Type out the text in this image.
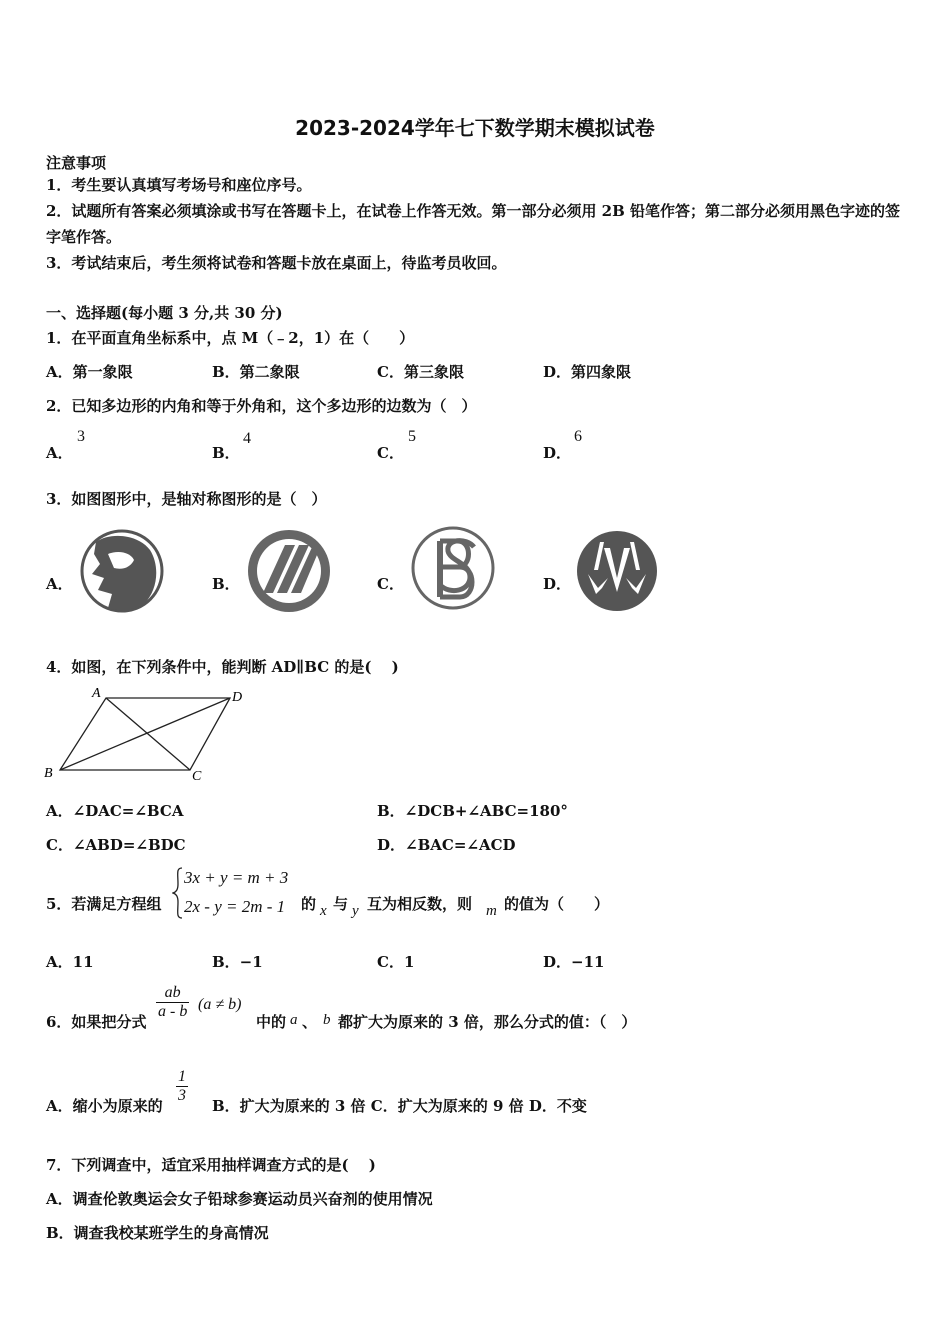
2023-2024学年七下数学期末模拟试卷
注意事项
1．考生要认真填写考场号和座位序号。
2．试题所有答案必须填涂或书写在答题卡上，在试卷上作答无效。第一部分必须用 2B 铅笔作答；第二部分必须用黑色字迹的签字笔作答。
3．考试结束后，考生须将试卷和答题卡放在桌面上，待监考员收回。
一、选择题(每小题 3 分,共 30 分)
1．在平面直角坐标系中，点 M（﹣2，1）在（　　）
A．第一象限	B．第二象限	C．第三象限	D．第四象限
2．已知多边形的内角和等于外角和，这个多边形的边数为（　）
A．
3
B．
4
C．
5
D．
6
3．如图图形中，是轴对称图形的是（　）
A．	B．	C．	D．
4．如图，在下列条件中，能判断 AD∥BC 的是(　 )
A	D
B	C
A．∠DAC=∠BCA	B．∠DCB+∠ABC=180°
C．∠ABD=∠BDC	D．∠BAC=∠ACD
5．若满足方程组
3x + y = m + 3
2x - y = 2m - 1 的 x 与 y 互为相反数，则 m 的值为（　　）
A．11	B．−1	C．1	D．−11
6．如果把分式
$\frac{ab}{a - b} (a \ne b)$
中的 a 、 b 都扩大为原来的 3 倍，那么分式的值：（　）
A．缩小为原来的
$\frac{1}{3}$
B．扩大为原来的 3 倍 C．扩大为原来的 9 倍 D．不变
7．下列调查中，适宜采用抽样调查方式的是(　 )
A．调查伦敦奥运会女子铅球参赛运动员兴奋剂的使用情况
B．调查我校某班学生的身高情况
